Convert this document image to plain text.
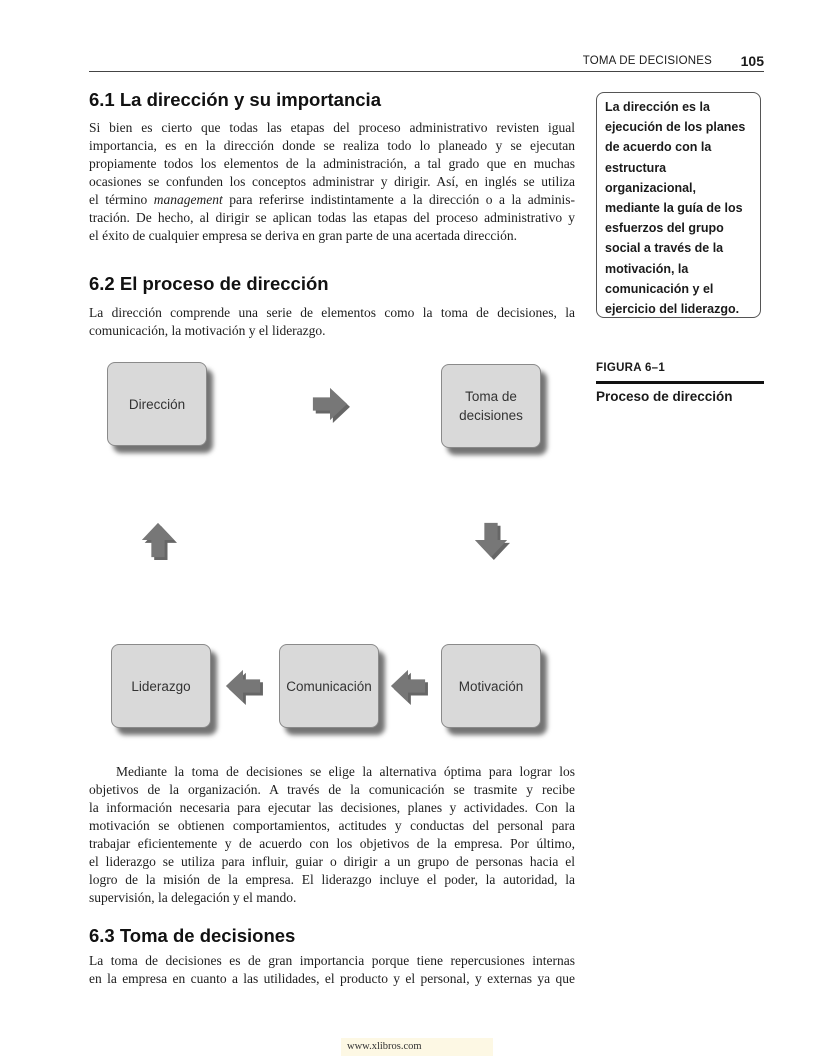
TOMA DE DECISIONES 105
6.1 La dirección y su importancia
Si bien es cierto que todas las etapas del proceso administrativo revisten igual
importancia, es en la dirección donde se realiza todo lo planeado y se ejecutan
propiamente todos los elementos de la administración, a tal grado que en muchas
ocasiones se confunden los conceptos administrar y dirigir. Así, en inglés se utiliza
el término management para referirse indistintamente a la dirección o a la adminis-
tración. De hecho, al dirigir se aplican todas las etapas del proceso administrativo y
el éxito de cualquier empresa se deriva en gran parte de una acertada dirección.
6.2 El proceso de dirección
La dirección comprende una serie de elementos como la toma de decisiones, la
comunicación, la motivación y el liderazgo.
La dirección es la
ejecución de los planes
de acuerdo con la
estructura
organizacional,
mediante la guía de los
esfuerzos del grupo
social a través de la
motivación, la
comunicación y el
ejercicio del liderazgo.
FIGURA 6–1
Proceso de dirección
Dirección	Toma de
decisiones
Motivación
Comunicación
Liderazgo
Mediante la toma de decisiones se elige la alternativa óptima para lograr los
objetivos de la organización. A través de la comunicación se trasmite y recibe
la información necesaria para ejecutar las decisiones, planes y actividades. Con la
motivación se obtienen comportamientos, actitudes y conductas del personal para
trabajar eficientemente y de acuerdo con los objetivos de la empresa. Por último,
el liderazgo se utiliza para influir, guiar o dirigir a un grupo de personas hacia el
logro de la misión de la empresa. El liderazgo incluye el poder, la autoridad, la
supervisión, la delegación y el mando.
6.3 Toma de decisiones
La toma de decisiones es de gran importancia porque tiene repercusiones internas
en la empresa en cuanto a las utilidades, el producto y el personal, y externas ya que
www.xlibros.com
